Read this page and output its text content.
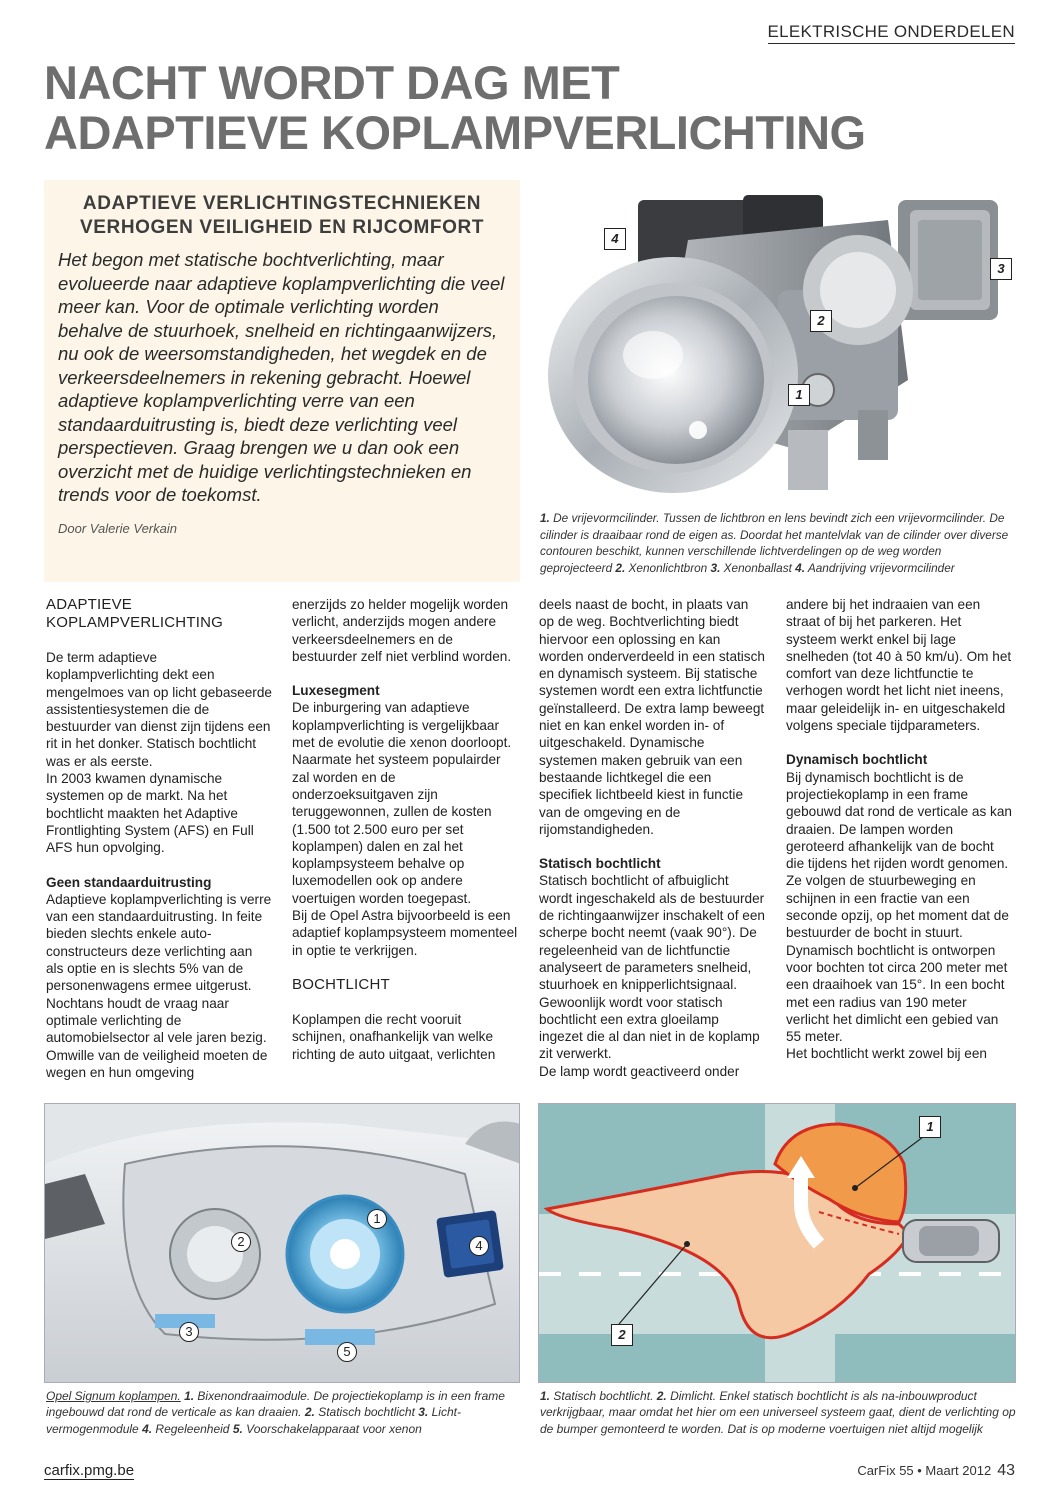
ELEKTRISCHE ONDERDELEN
NACHT WORDT DAG MET
ADAPTIEVE KOPLAMPVERLICHTING
ADAPTIEVE VERLICHTINGSTECHNIEKEN
VERHOGEN VEILIGHEID EN RIJCOMFORT

Het begon met statische bochtverlichting, maar evolueerde naar adaptieve koplampverlichting die veel meer kan. Voor de optimale verlichting worden behalve de stuurhoek, snelheid en richtingaanwijzers, nu ook de weersomstandigheden, het wegdek en de verkeersdeelnemers in rekening gebracht. Hoewel adaptieve koplampverlichting verre van een standaarduitrusting is, biedt deze verlichting veel perspectieven. Graag brengen we u dan ook een overzicht met de huidige verlichtingstechnieken en trends voor de toekomst.

Door Valerie Verkain

4
3
2
1

1. De vrijevormcilinder. Tussen de lichtbron en lens bevindt zich een vrijevormcilinder. De cilinder is draaibaar rond de eigen as. Doordat het mantelvlak van de cilinder over diverse contouren beschikt, kunnen verschillende lichtverdelingen op de weg worden geprojecteerd 2. Xenonlichtbron 3. Xenonballast 4. Aandrijving vrijevormcilinder

ADAPTIEVE
KOPLAMPVERLICHTING

De term adaptieve koplampverlichting dekt een mengelmoes van op licht gebaseerde assistentiesystemen die de bestuurder van dienst zijn tijdens een rit in het donker. Statisch bochtlicht was er als eerste.

In 2003 kwamen dynamische systemen op de markt. Na het bochtlicht maakten het Adaptive Frontlighting System (AFS) en Full AFS hun opvolging.

Geen standaarduitrusting

Adaptieve koplampverlichting is verre van een standaarduitrusting. In feite bieden slechts enkele auto-constructeurs deze verlichting aan als optie en is slechts 5% van de personenwagens ermee uitgerust. Nochtans houdt de vraag naar optimale verlichting de automobielsector al vele jaren bezig. Omwille van de veiligheid moeten de wegen en hun omgeving

enerzijds zo helder mogelijk worden verlicht, anderzijds mogen andere verkeersdeelnemers en de bestuurder zelf niet verblind worden.

Luxesegment

De inburgering van adaptieve koplampverlichting is vergelijkbaar met de evolutie die xenon doorloopt. Naarmate het systeem populairder zal worden en de onderzoeksuitgaven zijn teruggewonnen, zullen de kosten (1.500 tot 2.500 euro per set koplampen) dalen en zal het koplampsysteem behalve op luxemodellen ook op andere voertuigen worden toegepast.

Bij de Opel Astra bijvoorbeeld is een adaptief koplampsysteem momenteel in optie te verkrijgen.

BOCHTLICHT

Koplampen die recht vooruit schijnen, onafhankelijk van welke richting de auto uitgaat, verlichten

deels naast de bocht, in plaats van op de weg. Bochtverlichting biedt hiervoor een oplossing en kan worden onderverdeeld in een statisch en dynamisch systeem. Bij statische systemen wordt een extra lichtfunctie geïnstalleerd. De extra lamp beweegt niet en kan enkel worden in- of uitgeschakeld. Dynamische systemen maken gebruik van een bestaande lichtkegel die een specifiek lichtbeeld kiest in functie van de omgeving en de rijomstandigheden.

Statisch bochtlicht

Statisch bochtlicht of afbuiglicht wordt ingeschakeld als de bestuurder de richtingaanwijzer inschakelt of een scherpe bocht neemt (vaak 90°). De regeleenheid van de lichtfunctie analyseert de parameters snelheid, stuurhoek en knipperlichtsignaal. Gewoonlijk wordt voor statisch bochtlicht een extra gloeilamp ingezet die al dan niet in de koplamp zit verwerkt.

De lamp wordt geactiveerd onder

andere bij het indraaien van een straat of bij het parkeren. Het systeem werkt enkel bij lage snelheden (tot 40 à 50 km/u). Om het comfort van deze lichtfunctie te verhogen wordt het licht niet ineens, maar geleidelijk in- en uitgeschakeld volgens speciale tijdparameters.

Dynamisch bochtlicht

Bij dynamisch bochtlicht is de projectiekoplamp in een frame gebouwd dat rond de verticale as kan draaien. De lampen worden geroteerd afhankelijk van de bocht die tijdens het rijden wordt genomen. Ze volgen de stuurbeweging en schijnen in een fractie van een seconde opzij, op het moment dat de bestuurder de bocht in stuurt. Dynamisch bochtlicht is ontworpen voor bochten tot circa 200 meter met een draaihoek van 15°. In een bocht met een radius van 190 meter verlicht het dimlicht een gebied van 55 meter.

Het bochtlicht werkt zowel bij een

1
2
3
4
5
1
2

Opel Signum koplampen. 1. Bixenondraaimodule. De projectiekoplamp is in een frame ingebouwd dat rond de verticale as kan draaien. 2. Statisch bochtlicht 3. Licht-vermogenmodule 4. Regeleenheid 5. Voorschakelapparaat voor xenon

1. Statisch bochtlicht. 2. Dimlicht. Enkel statisch bochtlicht is als na-inbouwproduct verkrijgbaar, maar omdat het hier om een universeel systeem gaat, dient de verlichting op de bumper gemonteerd te worden. Dat is op moderne voertuigen niet altijd mogelijk

carfix.pmg.be	CarFix 55 • Maart 2012 43
